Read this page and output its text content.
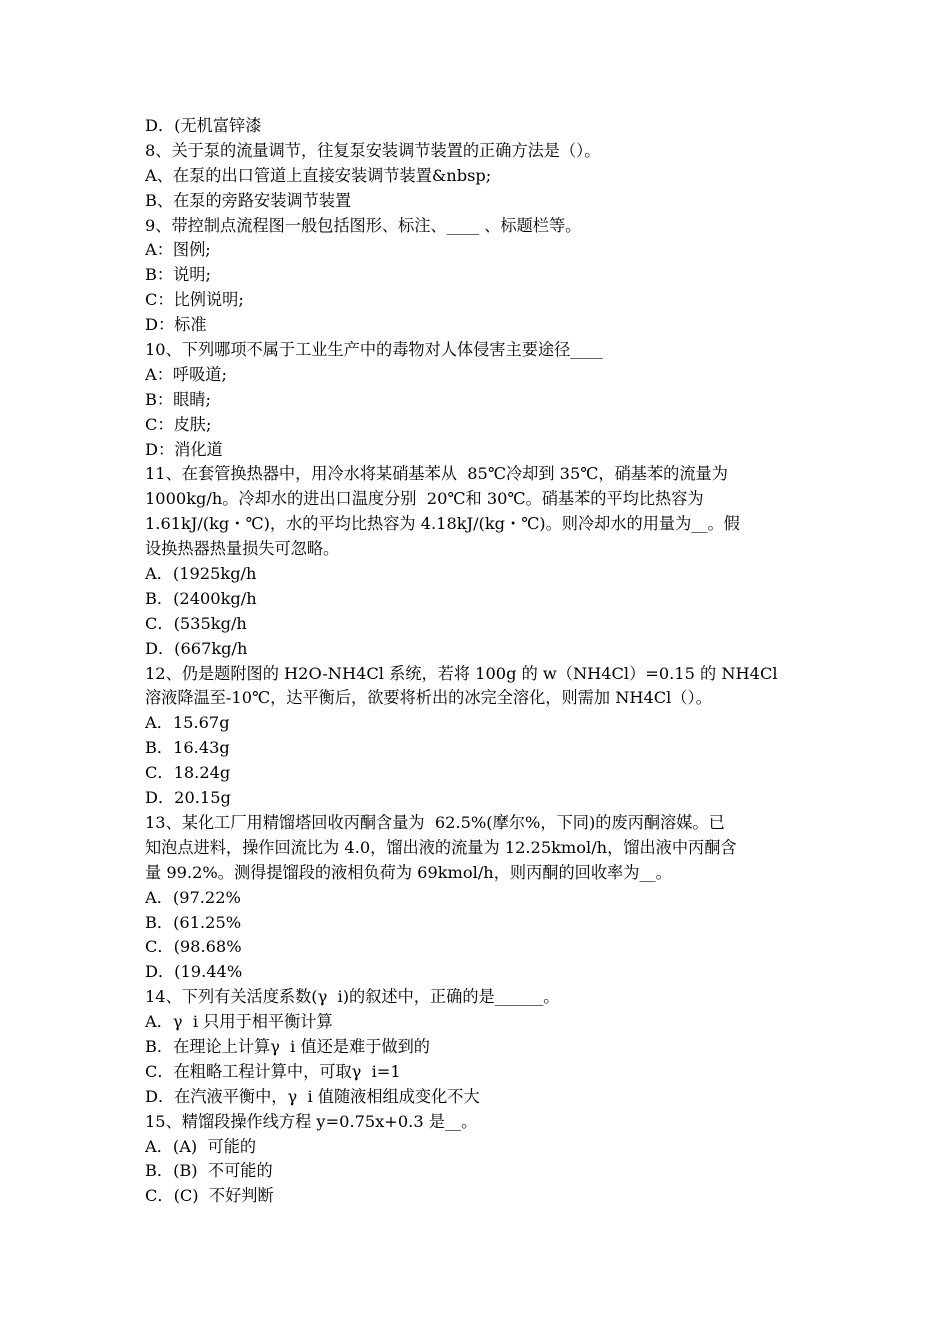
D．(无机富锌漆
8、关于泵的流量调节，往复泵安装调节装置的正确方法是（）。
A、在泵的出口管道上直接安装调节装置&nbsp;
B、在泵的旁路安装调节装置
9、带控制点流程图一般包括图形、标注、____ 、标题栏等。
A：图例;
B：说明;
C：比例说明;
D：标准
10、下列哪项不属于工业生产中的毒物对人体侵害主要途径____
A：呼吸道;
B：眼睛;
C：皮肤;
D：消化道
11、在套管换热器中，用冷水将某硝基苯从  85℃冷却到 35℃，硝基苯的流量为
1000kg/h。冷却水的进出口温度分别  20℃和 30℃。硝基苯的平均比热容为
1.61kJ/(kg・℃)，水的平均比热容为 4.18kJ/(kg・℃)。则冷却水的用量为__。假
设换热器热量损失可忽略。
A．(1925kg/h
B．(2400kg/h
C．(535kg/h
D．(667kg/h
12、仍是题附图的 H2O-NH4Cl 系统，若将 100g 的 w（NH4Cl）=0.15 的 NH4Cl
溶液降温至-10℃，达平衡后，欲要将析出的冰完全溶化，则需加 NH4Cl（）。
A．15.67g
B．16.43g
C．18.24g
D．20.15g
13、某化工厂用精馏塔回收丙酮含量为  62.5%(摩尔%，下同)的废丙酮溶媒。已
知泡点进料，操作回流比为 4.0，馏出液的流量为 12.25kmol/h，馏出液中丙酮含
量 99.2%。测得提馏段的液相负荷为 69kmol/h，则丙酮的回收率为__。
A．(97.22%
B．(61.25%
C．(98.68%
D．(19.44%
14、下列有关活度系数(γ  i)的叙述中，正确的是______。
A．γ  i 只用于相平衡计算
B．在理论上计算γ  i 值还是难于做到的
C．在粗略工程计算中，可取γ  i=1
D．在汽液平衡中，γ  i 值随液相组成变化不大
15、精馏段操作线方程 y=0.75x+0.3 是__。
A．(A)  可能的
B．(B)  不可能的
C．(C)  不好判断
